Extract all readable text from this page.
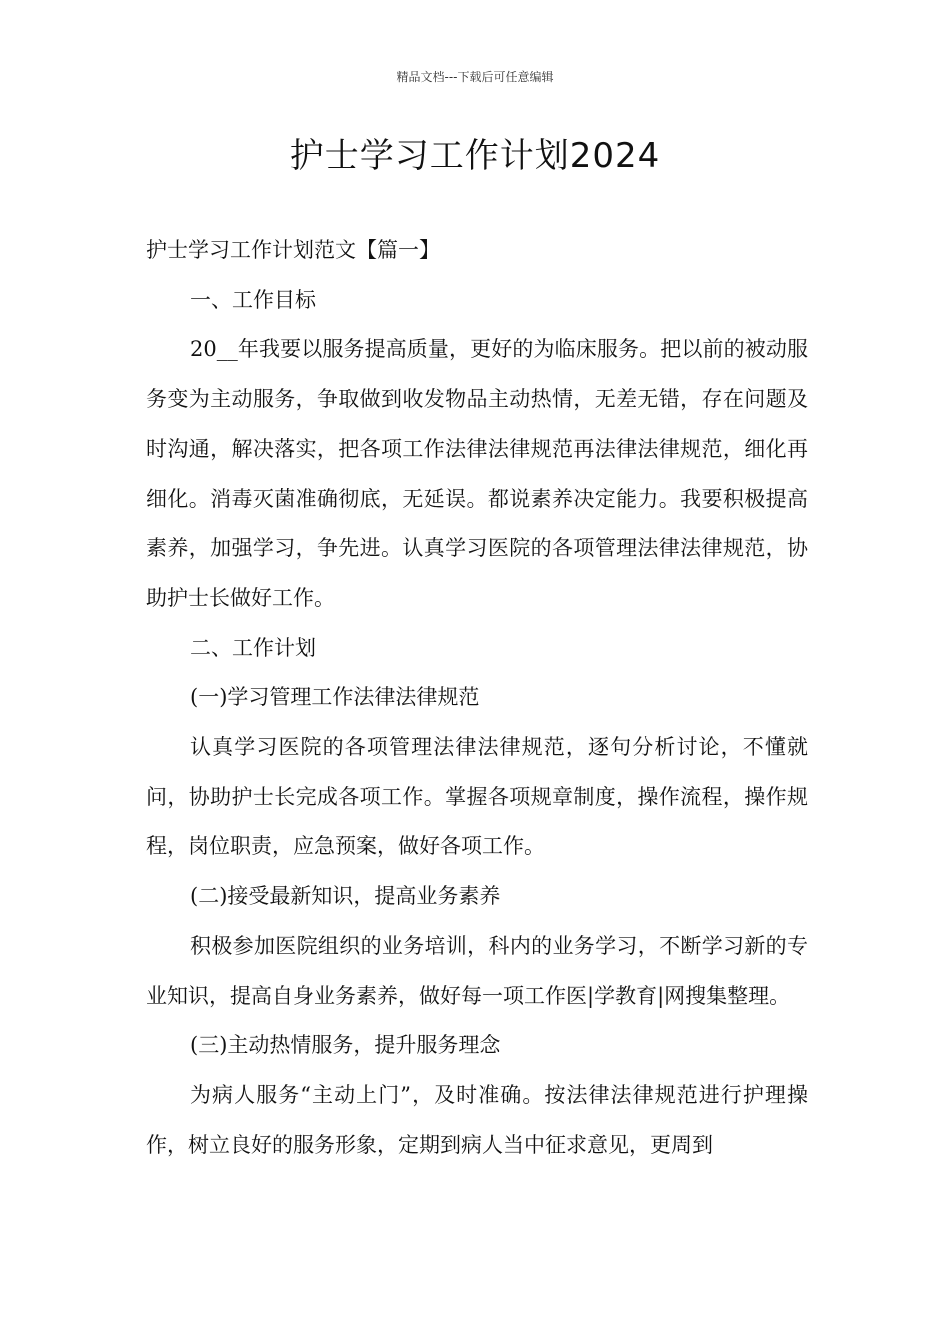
精品文档---下载后可任意编辑
护士学习工作计划2024

护士学习工作计划范文【篇一】

一、工作目标

20__年我要以服务提高质量，更好的为临床服务。把以前的被动服务变为主动服务，争取做到收发物品主动热情，无差无错，存在问题及时沟通，解决落实，把各项工作法律法律规范再法律法律规范，细化再细化。消毒灭菌准确彻底，无延误。都说素养决定能力。我要积极提高素养，加强学习，争先进。认真学习医院的各项管理法律法律规范，协助护士长做好工作。

二、工作计划

(一)学习管理工作法律法律规范

认真学习医院的各项管理法律法律规范，逐句分析讨论，不懂就问，协助护士长完成各项工作。掌握各项规章制度，操作流程，操作规程，岗位职责，应急预案，做好各项工作。

(二)接受最新知识，提高业务素养

积极参加医院组织的业务培训，科内的业务学习，不断学习新的专业知识，提高自身业务素养，做好每一项工作医|学教育|网搜集整理。

(三)主动热情服务，提升服务理念

为病人服务“主动上门”，及时准确。按法律法律规范进行护理操作，树立良好的服务形象，定期到病人当中征求意见，更周到
